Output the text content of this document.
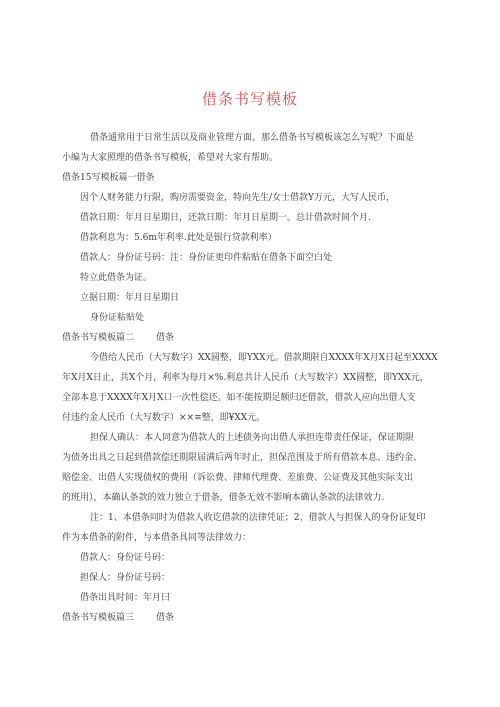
借条书写模板
借条通常用于日常生活以及商业管理方面。那么借条书写模板该怎么写呢？下面是
小编为大家照理的借条书写模板，希望对大家有帮助。
借条15写模板篇一借条
因个人财务能力行限，购房需要资金，特向先生/女士借款Y万元，大写人民币，
借款日期：年月日星期日，还款日期：年月日星期一。总计借款时间个月.
借款利息为：5.6m年利率.此处是银行贷款利率）
借款人：身份证号码：注：身份证更印件粘贴在借条下面空白处
特立此借条为证。
立据日期：年月日星期日
身份证粘贴处
借条书写模板篇二 借条
今借给人民币（大写数字）XX圆整，即YXX元。借款期限自XXXX年X月X日起至XXXX
年X月X日止，共X个月，利率为每月×%.利息共计人民币（大写数字）XX圆整，即YXX元，
全部本息于XXXX年X月X口一次性偿还。如不能按期足额归还借款，借款人应向出借人支
付违约金人民币（大写数字）××≡整，即¥XX元。
担保人确认：本人同意为借款人的上述债务向出借人承担连带责任保证，保证期限
为债务出具之日起到借款偿还期限届满后两年时止，担保范围及于所有借款本息、违约金、
赔偿金、出借人实现债权的费用（诉讼费、律师代理费、差旅费、公证费及其他实际支出
的班用），本确认条款的效力独立于借条，借条无效不影响本确认条款的法律效力.
注：1、本借条同时为借款人收讫借款的法律凭证；2、借款人与担保人的身份证复印
件为本借条的附件，与本借条具同等法律效力：
借款人：身份证号码：
担保人：身份证号码：
借条出具时间：年月曰
借条书写模板篇三 借条
